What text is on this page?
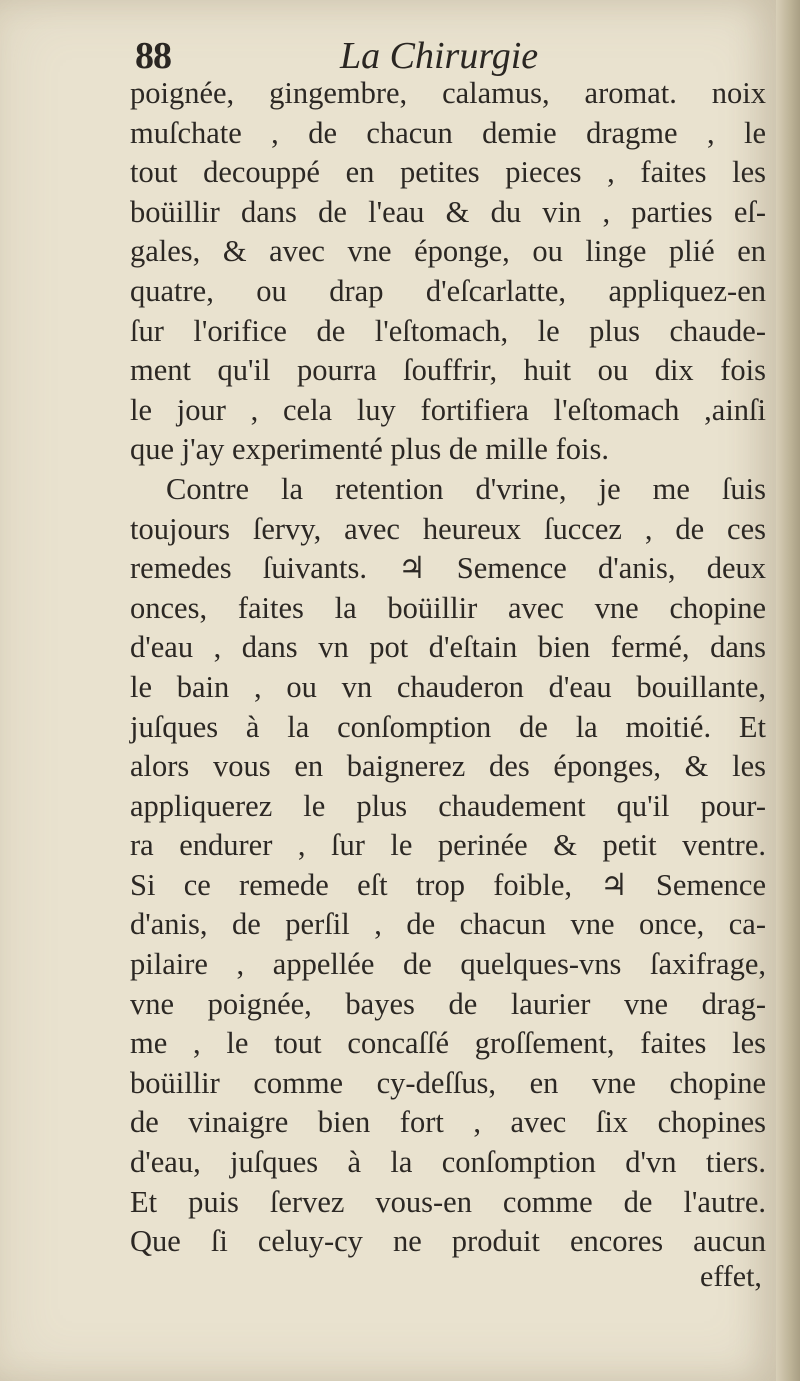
88	La Chirurgie
poignée, gingembre, calamus, aromat. noix
muſchate , de chacun demie dragme , le
tout decouppé en petites pieces , faites les
boüillir dans de l'eau & du vin , parties eſ-
gales, & avec vne éponge, ou linge plié en
quatre, ou drap d'eſcarlatte, appliquez-en
ſur l'orifice de l'eſtomach, le plus chaude-
ment qu'il pourra ſouffrir, huit ou dix fois
le jour , cela luy fortifiera l'eſtomach ,ainſi
que j'ay experimenté plus de mille fois.
Contre la retention d'vrine, je me ſuis
toujours ſervy, avec heureux ſuccez , de ces
remedes ſuivants. ♃ Semence d'anis, deux
onces, faites la boüillir avec vne chopine
d'eau , dans vn pot d'eſtain bien fermé, dans
le bain , ou vn chauderon d'eau bouillante,
juſques à la conſomption de la moitié. Et
alors vous en baignerez des éponges, & les
appliquerez le plus chaudement qu'il pour-
ra endurer , ſur le perinée & petit ventre.
Si ce remede eſt trop foible, ♃ Semence
d'anis, de perſil , de chacun vne once, ca-
pilaire , appellée de quelques-vns ſaxifrage,
vne poignée, bayes de laurier vne drag-
me , le tout concaſſé groſſement, faites les
boüillir comme cy-deſſus, en vne chopine
de vinaigre bien fort , avec ſix chopines
d'eau, juſques à la conſomption d'vn tiers.
Et puis ſervez vous-en comme de l'autre.
Que ſi celuy-cy ne produit encores aucun
effet,
